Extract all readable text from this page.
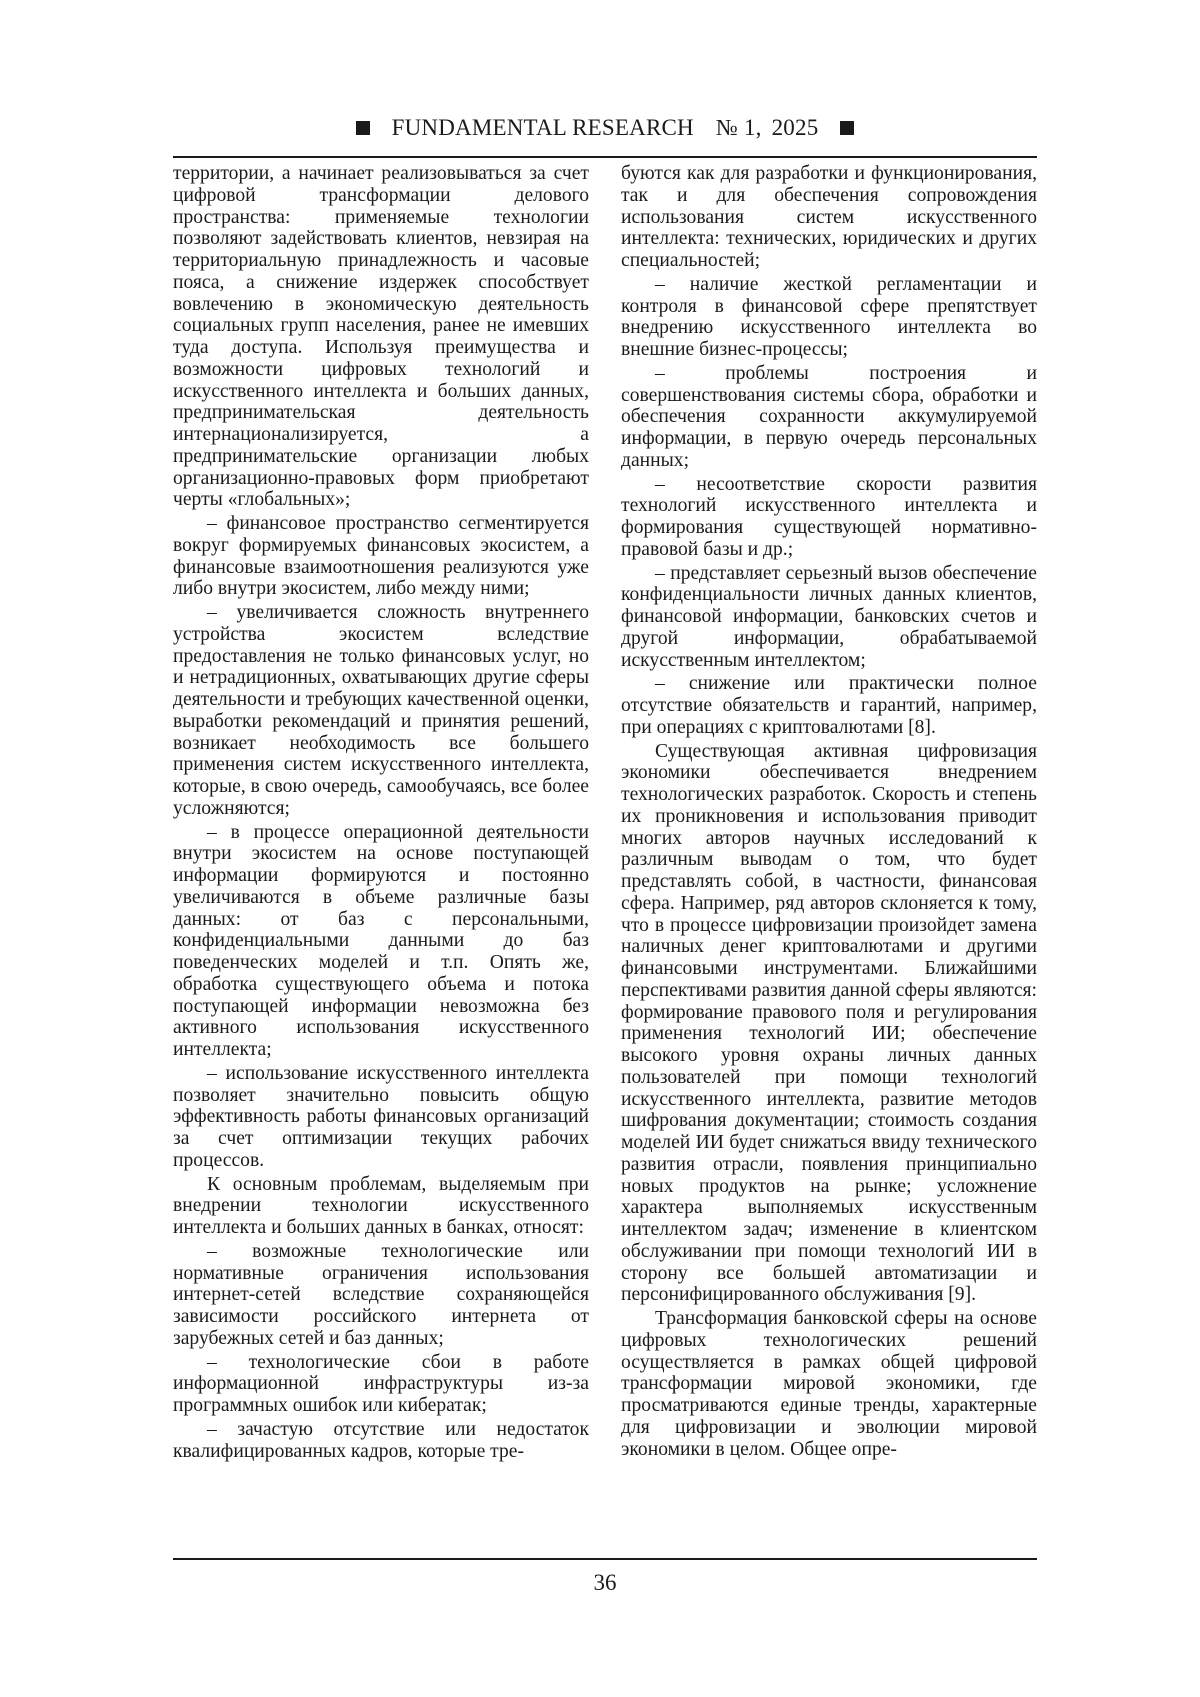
FUNDAMENTAL RESEARCH № 1, 2025

территории, а начинает реализовываться за счет цифровой трансформации делового пространства: применяемые технологии позволяют задействовать клиентов, невзирая на территориальную принадлежность и часовые пояса, а снижение издержек способствует вовлечению в экономическую деятельность социальных групп населения, ранее не имевших туда доступа. Используя преимущества и возможности цифровых технологий и искусственного интеллекта и больших данных, предпринимательская деятельность интернационализируется, а предпринимательские организации любых организационно-правовых форм приобретают черты «глобальных»;

– финансовое пространство сегментируется вокруг формируемых финансовых экосистем, а финансовые взаимоотношения реализуются уже либо внутри экосистем, либо между ними;

– увеличивается сложность внутреннего устройства экосистем вследствие предоставления не только финансовых услуг, но и нетрадиционных, охватывающих другие сферы деятельности и требующих качественной оценки, выработки рекомендаций и принятия решений, возникает необходимость все большего применения систем искусственного интеллекта, которые, в свою очередь, самообучаясь, все более усложняются;

– в процессе операционной деятельности внутри экосистем на основе поступающей информации формируются и постоянно увеличиваются в объеме различные базы данных: от баз с персональными, конфиденциальными данными до баз поведенческих моделей и т.п. Опять же, обработка существующего объема и потока поступающей информации невозможна без активного использования искусственного интеллекта;

– использование искусственного интеллекта позволяет значительно повысить общую эффективность работы финансовых организаций за счет оптимизации текущих рабочих процессов.

К основным проблемам, выделяемым при внедрении технологии искусственного интеллекта и больших данных в банках, относят:

– возможные технологические или нормативные ограничения использования интернет-сетей вследствие сохраняющейся зависимости российского интернета от зарубежных сетей и баз данных;

– технологические сбои в работе информационной инфраструктуры из-за программных ошибок или кибератак;

– зачастую отсутствие или недостаток квалифицированных кадров, которые тре-

буются как для разработки и функционирования, так и для обеспечения сопровождения использования систем искусственного интеллекта: технических, юридических и других специальностей;

– наличие жесткой регламентации и контроля в финансовой сфере препятствует внедрению искусственного интеллекта во внешние бизнес-процессы;

– проблемы построения и совершенствования системы сбора, обработки и обеспечения сохранности аккумулируемой информации, в первую очередь персональных данных;

– несоответствие скорости развития технологий искусственного интеллекта и формирования существующей нормативно-правовой базы и др.;

– представляет серьезный вызов обеспечение конфиденциальности личных данных клиентов, финансовой информации, банковских счетов и другой информации, обрабатываемой искусственным интеллектом;

– снижение или практически полное отсутствие обязательств и гарантий, например, при операциях с криптовалютами [8].

Существующая активная цифровизация экономики обеспечивается внедрением технологических разработок. Скорость и степень их проникновения и использования приводит многих авторов научных исследований к различным выводам о том, что будет представлять собой, в частности, финансовая сфера. Например, ряд авторов склоняется к тому, что в процессе цифровизации произойдет замена наличных денег криптовалютами и другими финансовыми инструментами. Ближайшими перспективами развития данной сферы являются: формирование правового поля и регулирования применения технологий ИИ; обеспечение высокого уровня охраны личных данных пользователей при помощи технологий искусственного интеллекта, развитие методов шифрования документации; стоимость создания моделей ИИ будет снижаться ввиду технического развития отрасли, появления принципиально новых продуктов на рынке; усложнение характера выполняемых искусственным интеллектом задач; изменение в клиентском обслуживании при помощи технологий ИИ в сторону все большей автоматизации и персонифицированного обслуживания [9].

Трансформация банковской сферы на основе цифровых технологических решений осуществляется в рамках общей цифровой трансформации мировой экономики, где просматриваются единые тренды, характерные для цифровизации и эволюции мировой экономики в целом. Общее опре-

36
